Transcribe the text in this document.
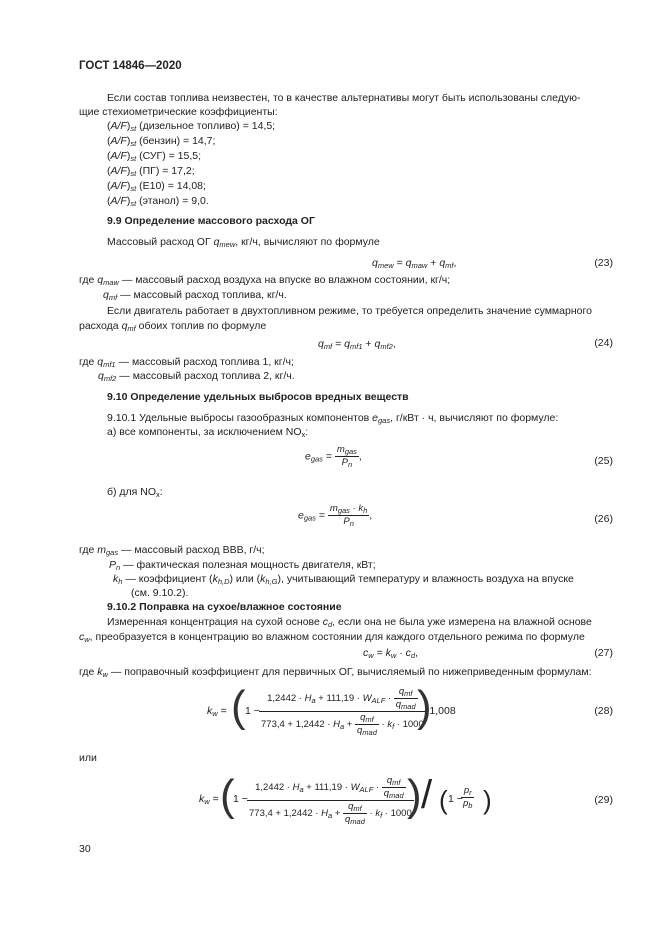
ГОСТ 14846—2020
Если состав топлива неизвестен, то в качестве альтернативы могут быть использованы следую-
щие стехиометрические коэффициенты:
$(A/F)_{st}$ (дизельное топливо) = 14,5;
$(A/F)_{st}$ (бензин) = 14,7;
$(A/F)_{st}$ (СУГ) = 15,5;
$(A/F)_{st}$ (ПГ) = 17,2;
$(A/F)_{st}$ (E10) = 14,08;
$(A/F)_{st}$ (этанол) = 9,0.
9.9 Определение массового расхода ОГ
Массовый расход ОГ $q_{mew}$, кг/ч, вычисляют по формуле
$q_{mew} = q_{maw} + q_{mf}$,	(23)
где $q_{maw}$ — массовый расход воздуха на впуске во влажном состоянии, кг/ч;
$q_{mf}$ — массовый расход топлива, кг/ч.
Если двигатель работает в двухтопливном режиме, то требуется определить значение суммарного
расхода $q_{mf}$ обоих топлив по формуле
$q_{mf} = q_{mf1} + q_{mf2}$,	(24)
где $q_{mf1}$ — массовый расход топлива 1, кг/ч;
$q_{mf2}$ — массовый расход топлива 2, кг/ч.
9.10 Определение удельных выбросов вредных веществ
9.10.1 Удельные выбросы газообразных компонентов $e_{gas}$, г/кВт · ч, вычисляют по формуле:
а) все компоненты, за исключением $NO_x$:
$e_{gas} = \frac{m_{gas}}{P_n}$ ,	(25)
б) для $NO_x$:
$e_{gas} = \frac{m_{gas} \cdot k_h}{P_n}$ ,	(26)
где $m_{gas}$ — массовый расход ВВВ, г/ч;
$P_n$ — фактическая полезная мощность двигателя, кВт;
$k_h$ — коэффициент $(k_{h,D})$ или $(k_{h,G})$, учитывающий температуру и влажность воздуха на впуске
(см. 9.10.2).
9.10.2 Поправка на сухое/влажное состояние
Измеренная концентрация на сухой основе $c_d$, если она не была уже измерена на влажной основе
$c_w$, преобразуется в концентрацию во влажном состоянии для каждого отдельного режима по формуле
$c_w = k_w \cdot c_d$,	(27)
где $k_w$ — поправочный коэффициент для первичных ОГ, вычисляемый по нижеприведенным формулам:
$k_w$ = ( 1 −
$1,2442 \cdot H_a + 111,19 \cdot W_{ALF} \cdot \frac{q_{mf}}{q_{mad}}$
$773,4 + 1,2442 \cdot H_a + \frac{q_{mf}}{q_{mad}} \cdot k_f \cdot 1000$
)
· 1,008	(28)
или
$k_w$ = (
1 −
$1,2442 \cdot H_a + 111,19 \cdot W_{ALF} \cdot \frac{q_{mf}}{q_{mad}}$
$773,4 + 1,2442 \cdot H_a + \frac{q_{mf}}{q_{mad}} \cdot k_f \cdot 1000$
) / ( 1 −
$\frac{p_r}{p_b}$ )	(29)
30
